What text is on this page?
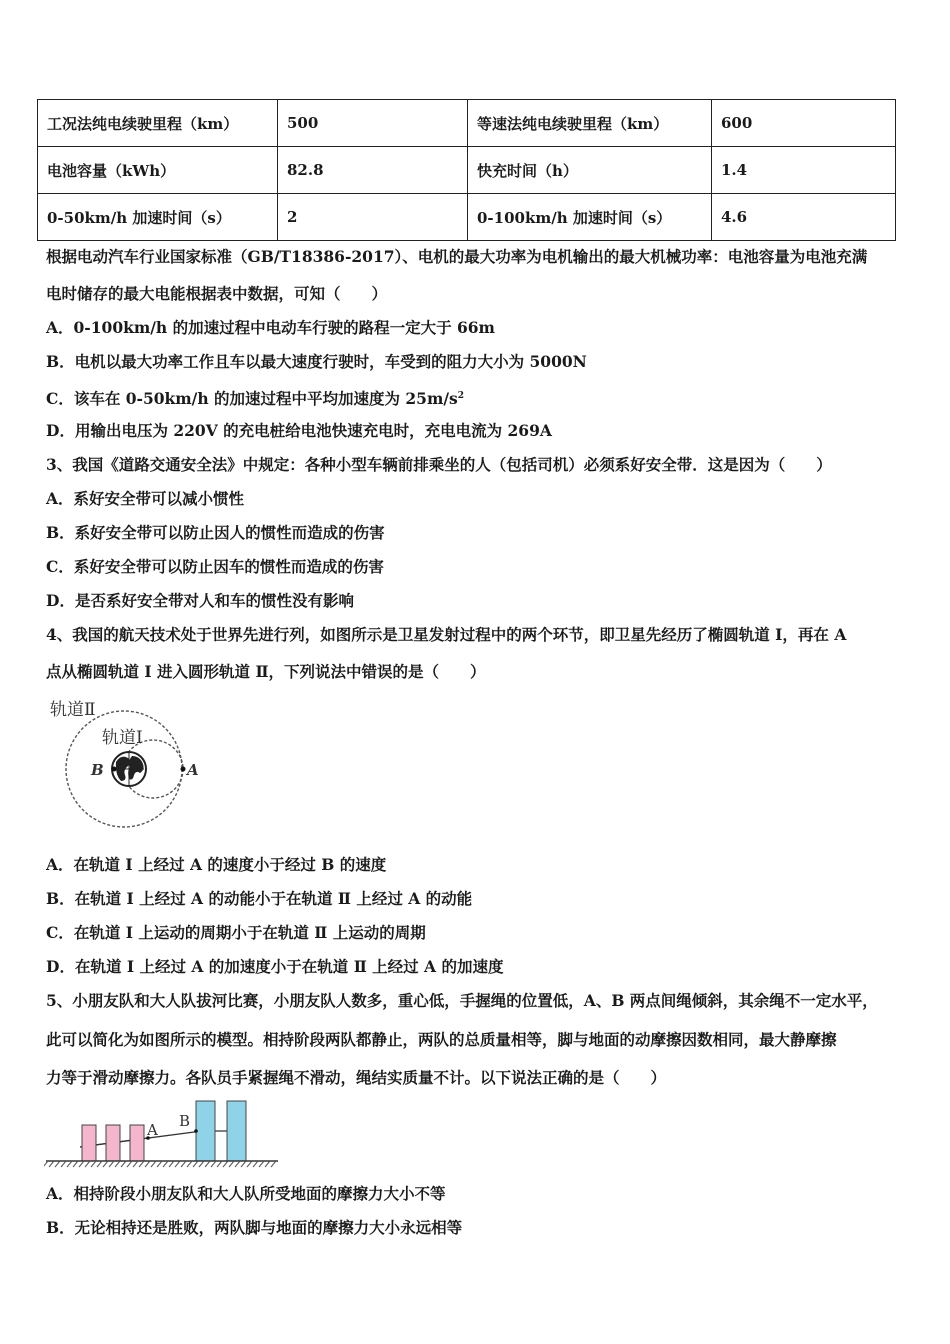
工况法纯电续驶里程（km）	500	等速法纯电续驶里程（km）	600
电池容量（kWh）	82.8	快充时间（h）	1.4
0-50km/h 加速时间（s）	2	0-100km/h 加速时间（s）	4.6
根据电动汽车行业国家标准（GB/T18386-2017）、电机的最大功率为电机输出的最大机械功率：电池容量为电池充满
电时储存的最大电能根据表中数据，可知（　　）
A．0-100km/h 的加速过程中电动车行驶的路程一定大于 66m
B．电机以最大功率工作且车以最大速度行驶时，车受到的阻力大小为 5000N
C．该车在 0-50km/h 的加速过程中平均加速度为 $25m/s^2$
D．用输出电压为 220V 的充电桩给电池快速充电时，充电电流为 269A
3、我国《道路交通安全法》中规定：各种小型车辆前排乘坐的人（包括司机）必须系好安全带．这是因为（　　）
A．系好安全带可以减小惯性
B．系好安全带可以防止因人的惯性而造成的伤害
C．系好安全带可以防止因车的惯性而造成的伤害
D．是否系好安全带对人和车的惯性没有影响
4、我国的航天技术处于世界先进行列，如图所示是卫星发射过程中的两个环节，即卫星先经历了椭圆轨道 I，再在 A
点从椭圆轨道 I 进入圆形轨道 Ⅱ，下列说法中错误的是（　　）
轨道Ⅱ
轨道Ⅰ
B	A
A．在轨道 I 上经过 A 的速度小于经过 B 的速度
B．在轨道 I 上经过 A 的动能小于在轨道 Ⅱ 上经过 A 的动能
C．在轨道 I 上运动的周期小于在轨道 Ⅱ 上运动的周期
D．在轨道 I 上经过 A 的加速度小于在轨道 Ⅱ 上经过 A 的加速度
5、小朋友队和大人队拔河比赛，小朋友队人数多，重心低，手握绳的位置低，A、B 两点间绳倾斜，其余绳不一定水平，
此可以简化为如图所示的模型。相持阶段两队都静止，两队的总质量相等，脚与地面的动摩擦因数相同，最大静摩擦
力等于滑动摩擦力。各队员手紧握绳不滑动，绳结实质量不计。以下说法正确的是（　　）
A B
A．相持阶段小朋友队和大人队所受地面的摩擦力大小不等
B．无论相持还是胜败，两队脚与地面的摩擦力大小永远相等
